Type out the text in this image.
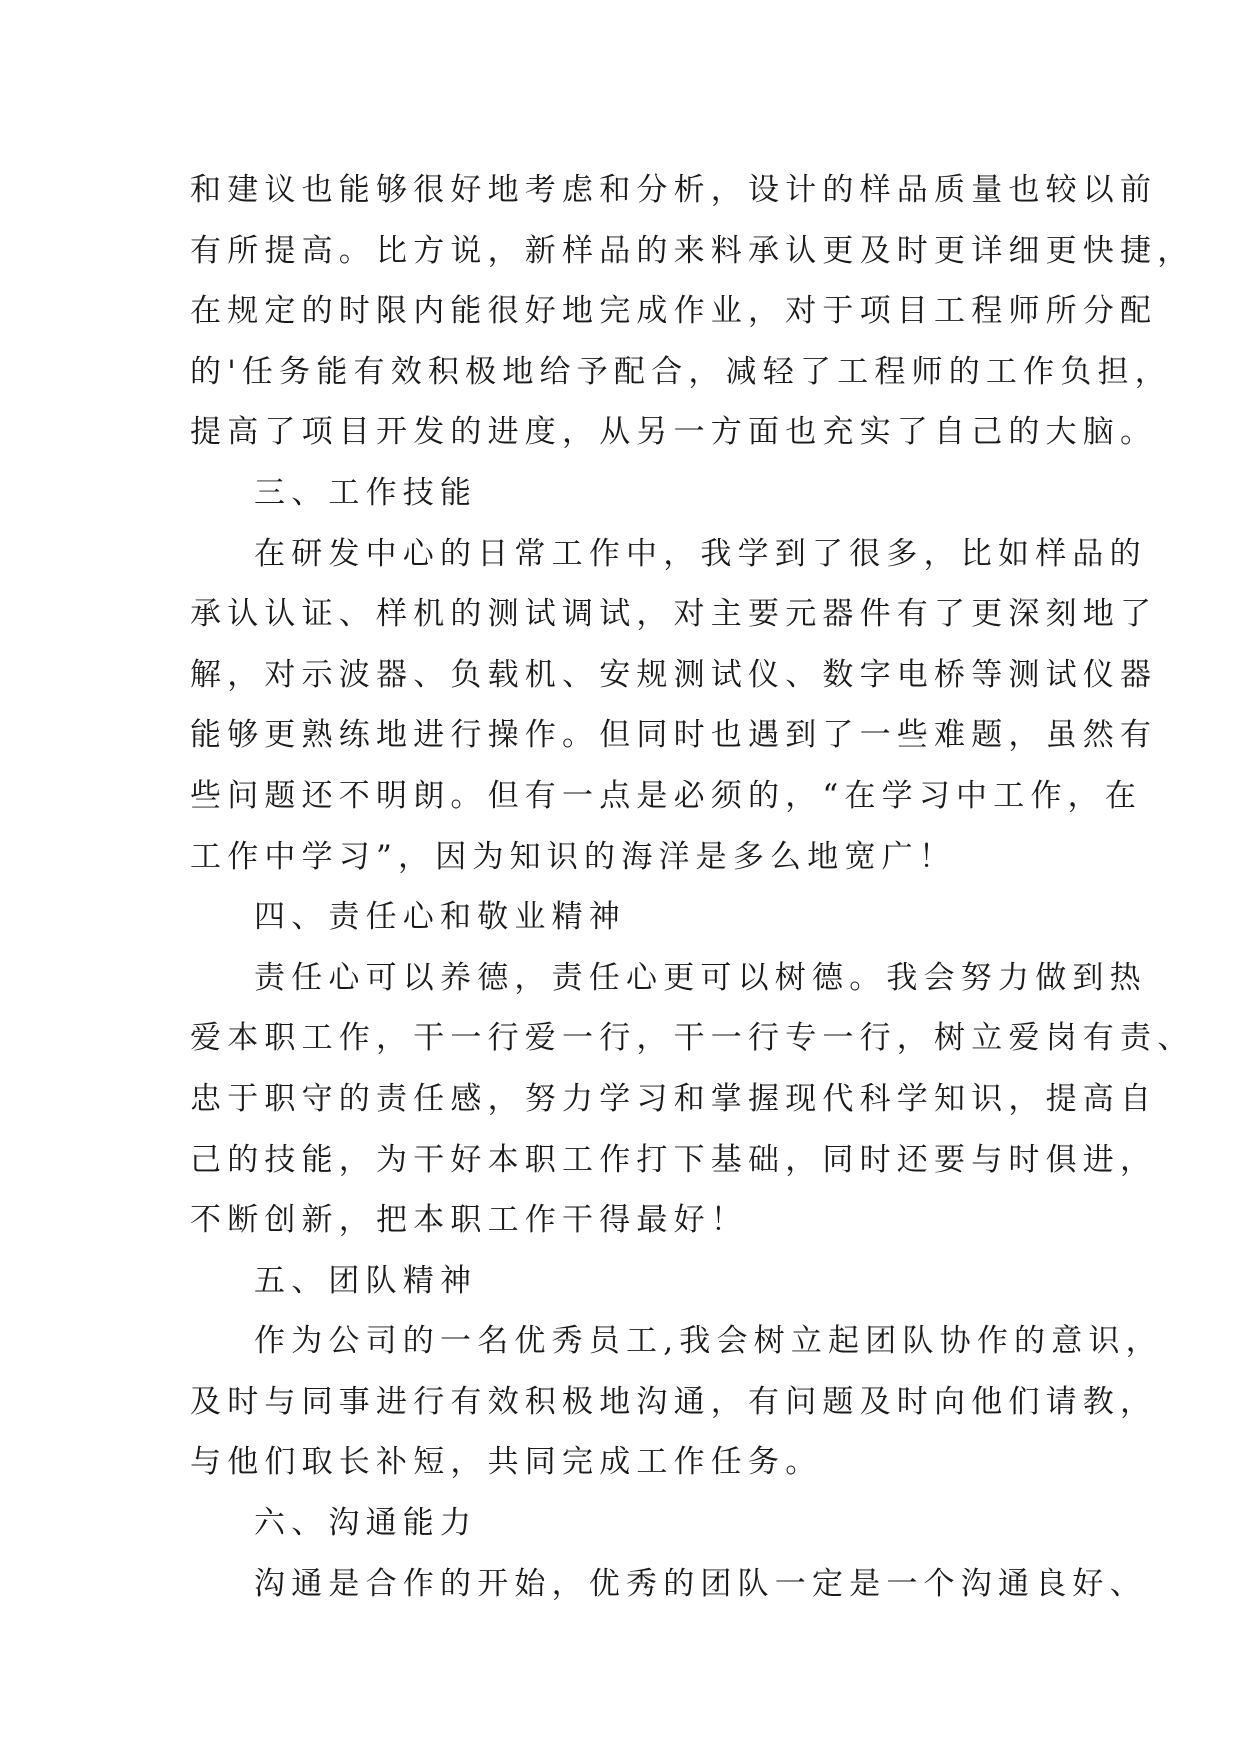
和建议也能够很好地考虑和分析，设计的样品质量也较以前
有所提高。比方说，新样品的来料承认更及时更详细更快捷，
在规定的时限内能很好地完成作业，对于项目工程师所分配
的'任务能有效积极地给予配合，减轻了工程师的工作负担，
提高了项目开发的进度，从另一方面也充实了自己的大脑。
三、工作技能
在研发中心的日常工作中，我学到了很多，比如样品的
承认认证、样机的测试调试，对主要元器件有了更深刻地了
解，对示波器、负载机、安规测试仪、数字电桥等测试仪器
能够更熟练地进行操作。但同时也遇到了一些难题，虽然有
些问题还不明朗。但有一点是必须的，“在学习中工作，在
工作中学习”，因为知识的海洋是多么地宽广！
四、责任心和敬业精神
责任心可以养德，责任心更可以树德。我会努力做到热
爱本职工作，干一行爱一行，干一行专一行，树立爱岗有责、
忠于职守的责任感，努力学习和掌握现代科学知识，提高自
己的技能，为干好本职工作打下基础，同时还要与时俱进，
不断创新，把本职工作干得最好！
五、团队精神
作为公司的一名优秀员工,我会树立起团队协作的意识，
及时与同事进行有效积极地沟通，有问题及时向他们请教，
与他们取长补短，共同完成工作任务。
六、沟通能力
沟通是合作的开始，优秀的团队一定是一个沟通良好、
